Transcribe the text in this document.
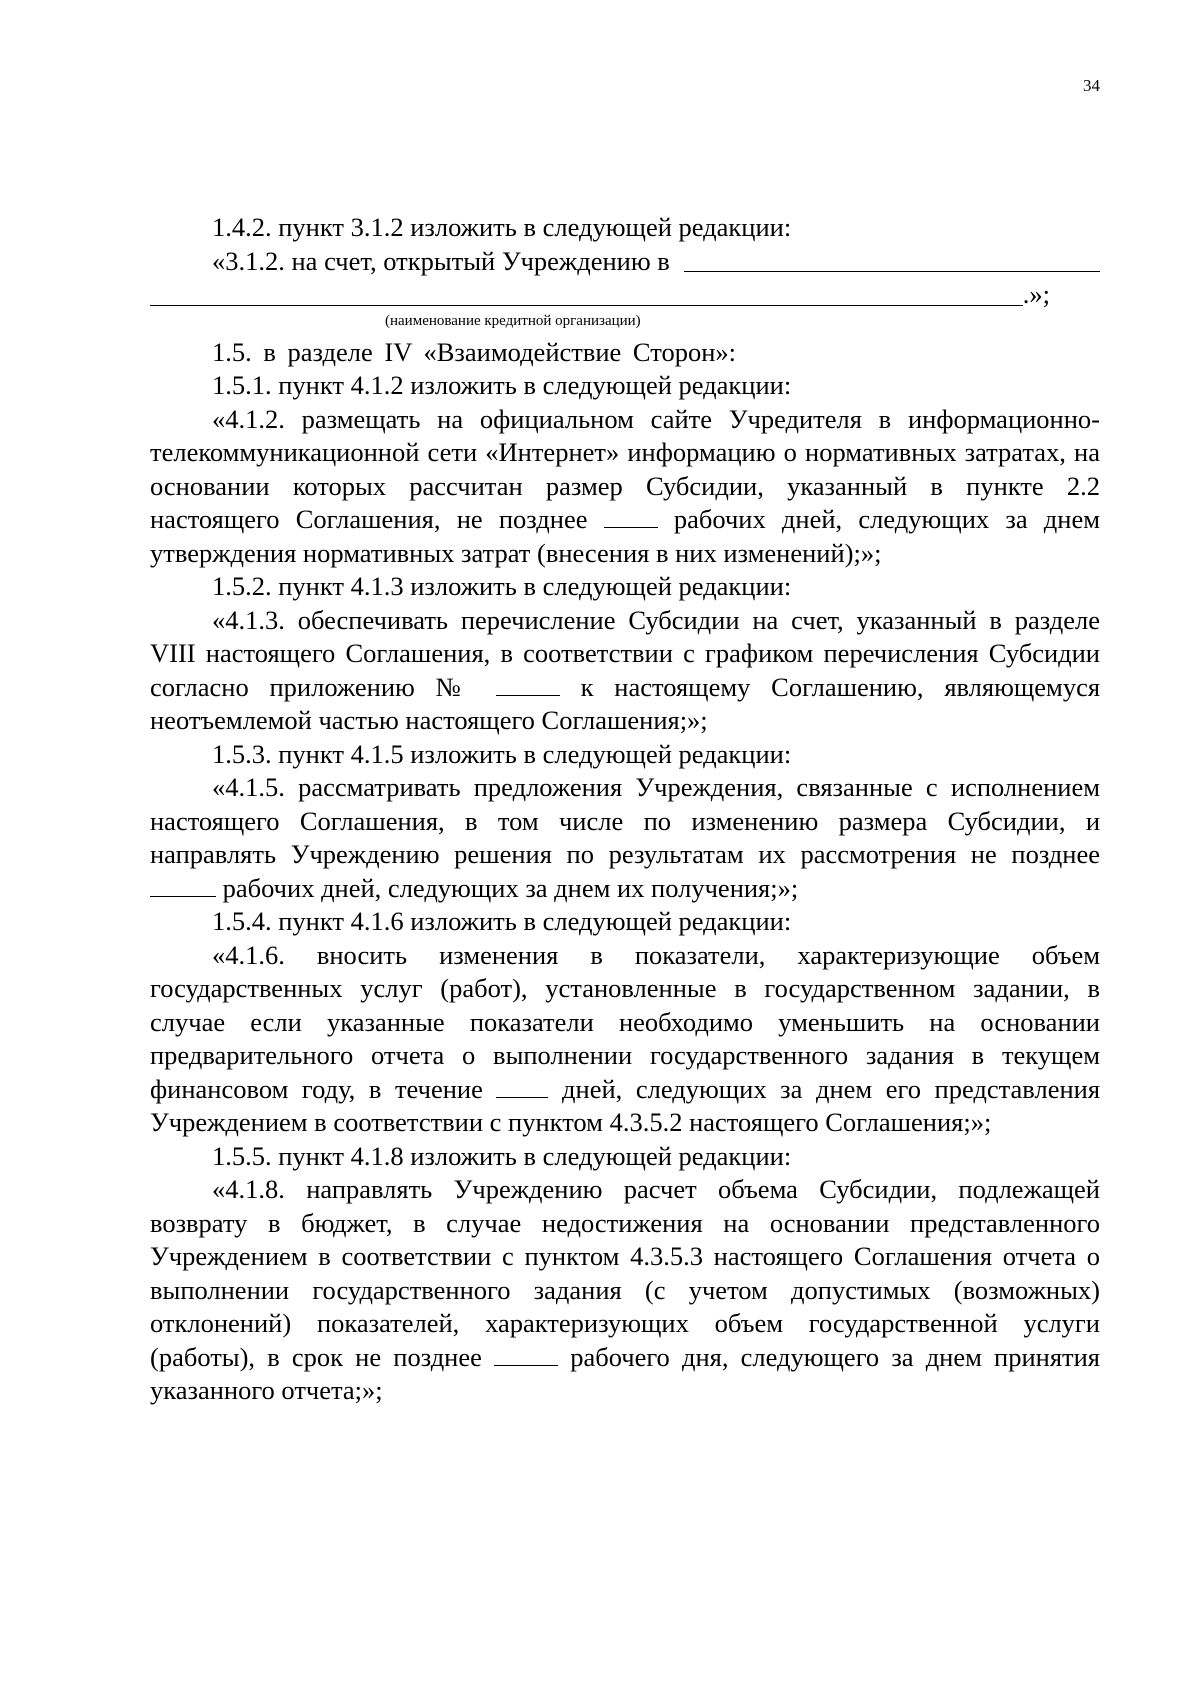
34

1.4.2. пункт 3.1.2 изложить в следующей редакции:

«3.1.2. на счет, открытый Учреждению в
.»;

(наименование кредитной организации)

1.5. в разделе IV «Взаимодействие Сторон»:

1.5.1. пункт 4.1.2 изложить в следующей редакции:

«4.1.2. размещать на официальном сайте Учредителя в информационно-телекоммуникационной сети «Интернет» информацию о нормативных затратах, на основании которых рассчитан размер Субсидии, указанный в пункте 2.2 настоящего Соглашения, не позднее	рабочих дней, следующих за днем утверждения нормативных затрат (внесения в них изменений);»;

1.5.2. пункт 4.1.3 изложить в следующей редакции:

«4.1.3. обеспечивать перечисление Субсидии на счет, указанный в разделе VIII настоящего Соглашения, в соответствии с графиком перечисления Субсидии согласно приложению №	к настоящему Соглашению, являющемуся неотъемлемой частью настоящего Соглашения;»;

1.5.3. пункт 4.1.5 изложить в следующей редакции:

«4.1.5. рассматривать предложения Учреждения, связанные с исполнением настоящего Соглашения, в том числе по изменению размера Субсидии, и направлять Учреждению решения по результатам их рассмотрения не позднее  рабочих дней, следующих за днем их получения;»;

1.5.4. пункт 4.1.6 изложить в следующей редакции:

«4.1.6. вносить изменения в показатели, характеризующие объем государственных услуг (работ), установленные в государственном задании, в случае если указанные показатели необходимо уменьшить на основании предварительного отчета о выполнении государственного задания в текущем финансовом году, в течение	дней, следующих за днем его представления Учреждением в соответствии с пунктом 4.3.5.2 настоящего Соглашения;»;

1.5.5. пункт 4.1.8 изложить в следующей редакции:

«4.1.8. направлять Учреждению расчет объема Субсидии, подлежащей возврату в бюджет, в случае недостижения на основании представленного Учреждением в соответствии с пунктом 4.3.5.3 настоящего Соглашения отчета о выполнении государственного задания (с учетом допустимых (возможных) отклонений) показателей, характеризующих объем государственной услуги (работы), в срок не позднее	рабочего дня, следующего за днем принятия указанного отчета;»;
